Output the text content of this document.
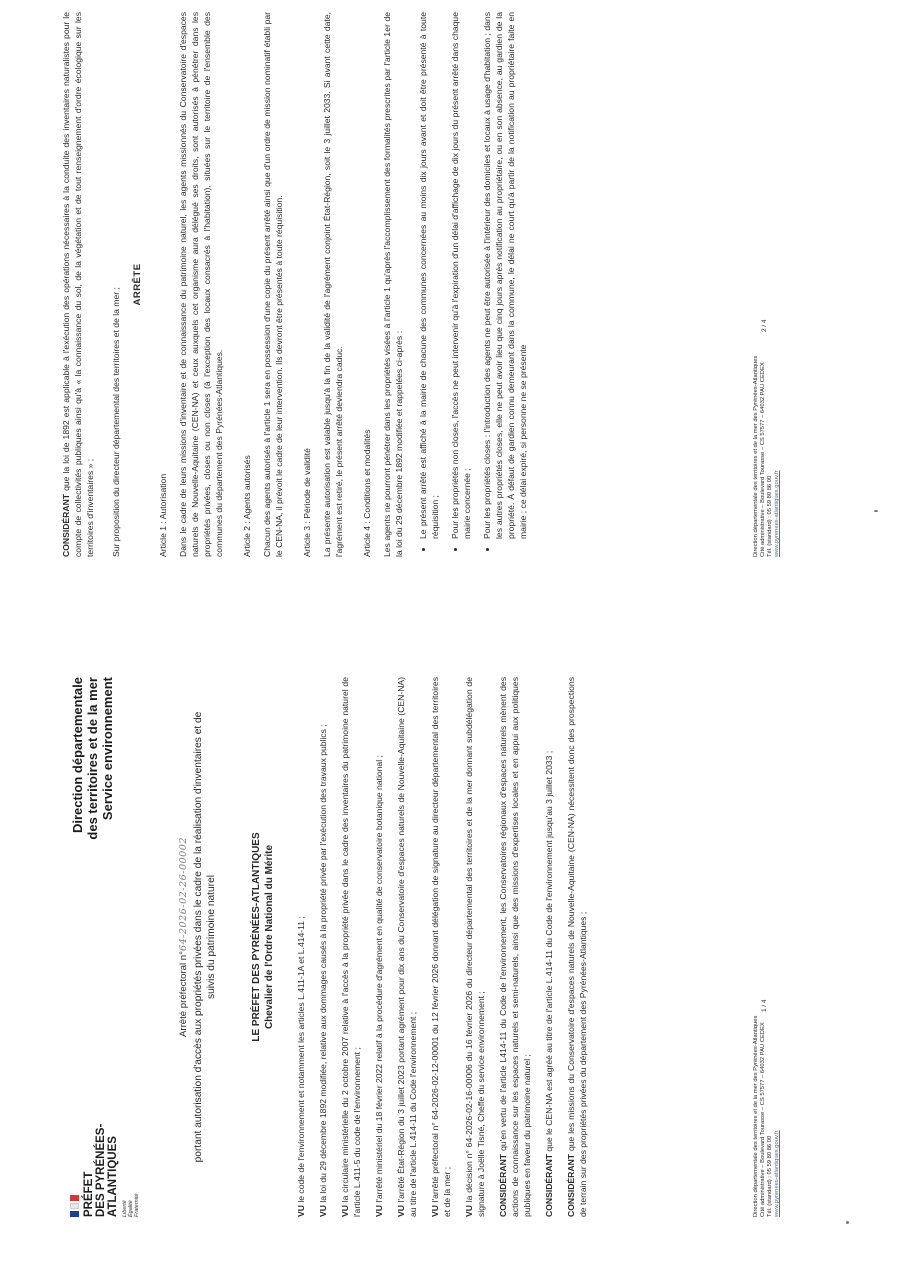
PRÉFET DES PYRÉNÉES- ATLANTIQUES Liberté Égalité Fraternité
Direction départementale des territoires et de la mer Service environnement
Arrêté préfectoral n°64-2026-02-26-00002 portant autorisation d'accès aux propriétés privées dans le cadre de la réalisation d'inventaires et de suivis du patrimoine naturel	LE PRÉFET DES PYRÉNÉES-ATLANTIQUES Chevalier de l'Ordre National du Mérite

VU le code de l'environnement et notamment les articles L.411-1A et L.414-11 ;

VU la loi du 29 décembre 1892 modifiée, relative aux dommages causés à la propriété privée par l'exécution des travaux publics ;

VU la circulaire ministérielle du 2 octobre 2007 relative à l'accès à la propriété privée dans le cadre des inventaires du patrimoine naturel de l'article L.411-5 du code de l'environnement ; VU l'arrêté ministériel du 18 février 2022 relatif à la procédure d'agrément en qualité de conservatoire botanique national ;

VU l'arrêté État-Région du 3 juillet 2023 portant agrément pour dix ans du Conservatoire d'espaces naturels de Nouvelle-Aquitaine (CEN-NA) au titre de l'article L.414-11 du Code l'environnement ; VU l'arrêté préfectoral n° 64-2026-02-12-00001 du 12 février 2026 donnant délégation de signature au directeur départemental des territoires et de la mer ; VU la décision n° 64-2026-02-16-00006 du 16 février 2026 du directeur départemental des territoires et de la mer donnant subdélégation de signature à Joëlle Tisné, Cheffe du service environnement ; CONSIDÉRANT qu'en vertu de l'article L414-11 du Code de l'environnement, les Conservatoires régionaux d'espaces naturels mènent des actions de connaissance sur les espaces naturels et semi-naturels, ainsi que des missions d'expertises locales et en appui aux politiques publiques en faveur du patrimoine naturel ; CONSIDÉRANT que le CEN-NA est agréé au titre de l'article L.414-11 du Code de l'environnement jusqu'au 3 juillet 2033 ;

CONSIDÉRANT que les missions du Conservatoire d'espaces naturels de Nouvelle-Aquitaine (CEN-NA) nécessitent donc des prospections de terrain sur des propriétés privées du département des Pyrénées-Atlantiques ;	Direction départementale des territoires et de la mer des Pyrénées-Atlantiques Cité administrative – Boulevard Tourasse – CS 57577 – 64032 PAU CEDEX Tél. (standard) : 05 59 80 86 00 www.pyrenees-atlantiques.gouv.fr
1 / 4

CONSIDÉRANT que la loi de 1892 est applicable à l'exécution des opérations nécessaires à la conduite des inventaires naturalistes pour le compte de collectivités publiques ainsi qu'à « la connaissance du sol, de la végétation et de tout renseignement d'ordre écologique sur les territoires d'inventaires » ; Sur proposition du directeur départemental des territoires et de la mer ;

ARRÊTE

Article 1 : Autorisation Dans le cadre de leurs missions d'inventaire et de connaissance du patrimoine naturel, les agents missionnés du Conservatoire d'espaces naturels de Nouvelle-Aquitaine (CEN-NA) et ceux auxquels cet organisme aura délégué ses droits, sont autorisés à pénétrer dans les propriétés privées, closes ou non closes (à l'exception des locaux consacrés à l'habitation), situées sur le territoire de l'ensemble des communes du département des Pyrénées-Atlantiques. Article 2 : Agents autorisés Chacun des agents autorisés à l'article 1 sera en possession d'une copie du présent arrêté ainsi que d'un ordre de mission nominatif établi par le CEN-NA, il prévoit le cadre de leur intervention. Ils devront être présentés à toute réquisition. Article 3 : Période de validité La présente autorisation est valable jusqu'à la fin de la validité de l'agrément conjoint État-Région, soit le 3 juillet 2033. Si avant cette date, l'agrément est retiré, le présent arrêté deviendra caduc. Article 4 : Conditions et modalités Les agents ne pourront pénétrer dans les propriétés visées à l'article 1 qu'après l'accomplissement des formalités prescrites par l'article 1er de la loi du 29 décembre 1892 modifiée et rappelées ci-après : • Le présent arrêté est affiché à la mairie de chacune des communes concernées au moins dix jours avant et doit être présenté à toute réquisition ; • Pour les propriétés non closes, l'accès ne peut intervenir qu'à l'expiration d'un délai d'affichage de dix jours du présent arrêté dans chaque mairie concernée ; • Pour les propriétés closes : l'introduction des agents ne peut être autorisée à l'intérieur des domiciles et locaux à usage d'habitation ; dans les autres propriétés closes, elle ne peut avoir lieu que cinq jours après notification au propriétaire, ou en son absence, au gardien de la propriété. À défaut de gardien connu demeurant dans la commune, le délai ne court qu'à partir de la notification au propriétaire faite en mairie ; ce délai expiré, si personne ne se présente	Direction départementale des territoires et de la mer des Pyrénées-Atlantiques Cité administrative – Boulevard Tourasse – CS 57577 – 64032 PAU CEDEX Tél. (standard) : 05 59 80 86 00 www.pyrenees-atlantiques.gouv.fr
2 / 4
